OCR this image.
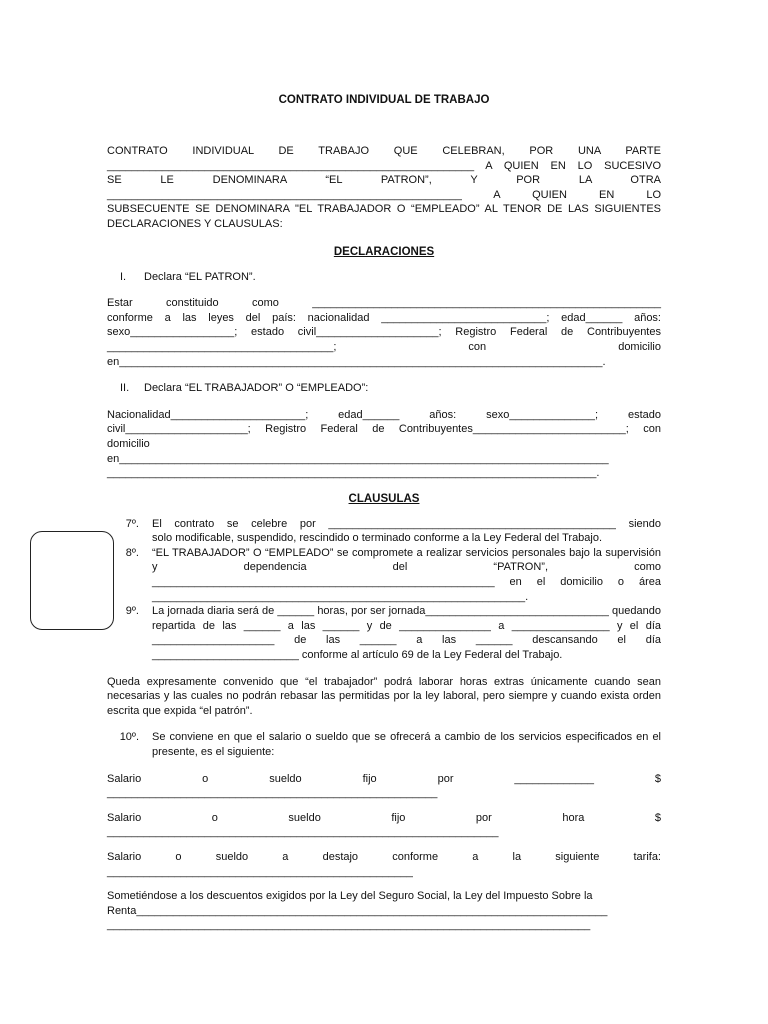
CONTRATO INDIVIDUAL DE TRABAJO
CONTRATO INDIVIDUAL DE TRABAJO QUE CELEBRAN, POR UNA PARTE
____________________________________________________________ A QUIEN EN LO SUCESIVO
SE LE DENOMINARA “EL PATRON”, Y POR LA OTRA
__________________________________________________________ A QUIEN EN LO
SUBSECUENTE SE DENOMINARA "EL TRABAJADOR O “EMPLEADO” AL TENOR DE LAS SIGUIENTES
DECLARACIONES Y CLAUSULAS:
DECLARACIONES
I.	Declara “EL PATRON”.
Estar constituido como _________________________________________________________
conforme a las leyes del país: nacionalidad ___________________________; edad______ años:
sexo_________________; estado civil____________________; Registro Federal de Contribuyentes
_____________________________________; con domicilio
en_______________________________________________________________________________.
II.	Declara “EL TRABAJADOR” O “EMPLEADO”:
Nacionalidad______________________; edad______ años: sexo______________; estado
civil____________________; Registro Federal de Contribuyentes_________________________; con
domicilio
en________________________________________________________________________________
________________________________________________________________________________.
CLAUSULAS
7º.	El contrato se celebre por _______________________________________________ siendo
solo modificable, suspendido, rescindido o terminado conforme a la Ley Federal del Trabajo.
8º.	“EL TRABAJADOR” O “EMPLEADO” se compromete a realizar servicios personales bajo la supervisión
y dependencia del “PATRON”, como
________________________________________________________ en el domicilio o área
_____________________________________________________________.
9º.	La jornada diaria será de ______ horas, por ser jornada______________________________ quedando
repartida de las ______ a las ______ y de _______________ a ________________ y el día
____________________ de las ______ a las ______ descansando el día
________________________ conforme al artículo 69 de la Ley Federal del Trabajo.

Queda expresamente convenido que “el trabajador” podrá laborar horas extras únicamente cuando sean necesarias y las cuales no podrán rebasar las permitidas por la ley laboral, pero siempre y cuando exista orden escrita que expida “el patrón”.

10º.	Se conviene en que el salario o sueldo que se ofrecerá a cambio de los servicios especificados en el
presente, es el siguiente:
Salario o sueldo fijo por _____________ $
______________________________________________________
Salario o sueldo fijo por hora $
________________________________________________________________
Salario o sueldo a destajo conforme a la siguiente tarifa:
__________________________________________________
Sometiéndose a los descuentos exigidos por la Ley del Seguro Social, la Ley del Impuesto Sobre la
Renta_____________________________________________________________________________
_______________________________________________________________________________
